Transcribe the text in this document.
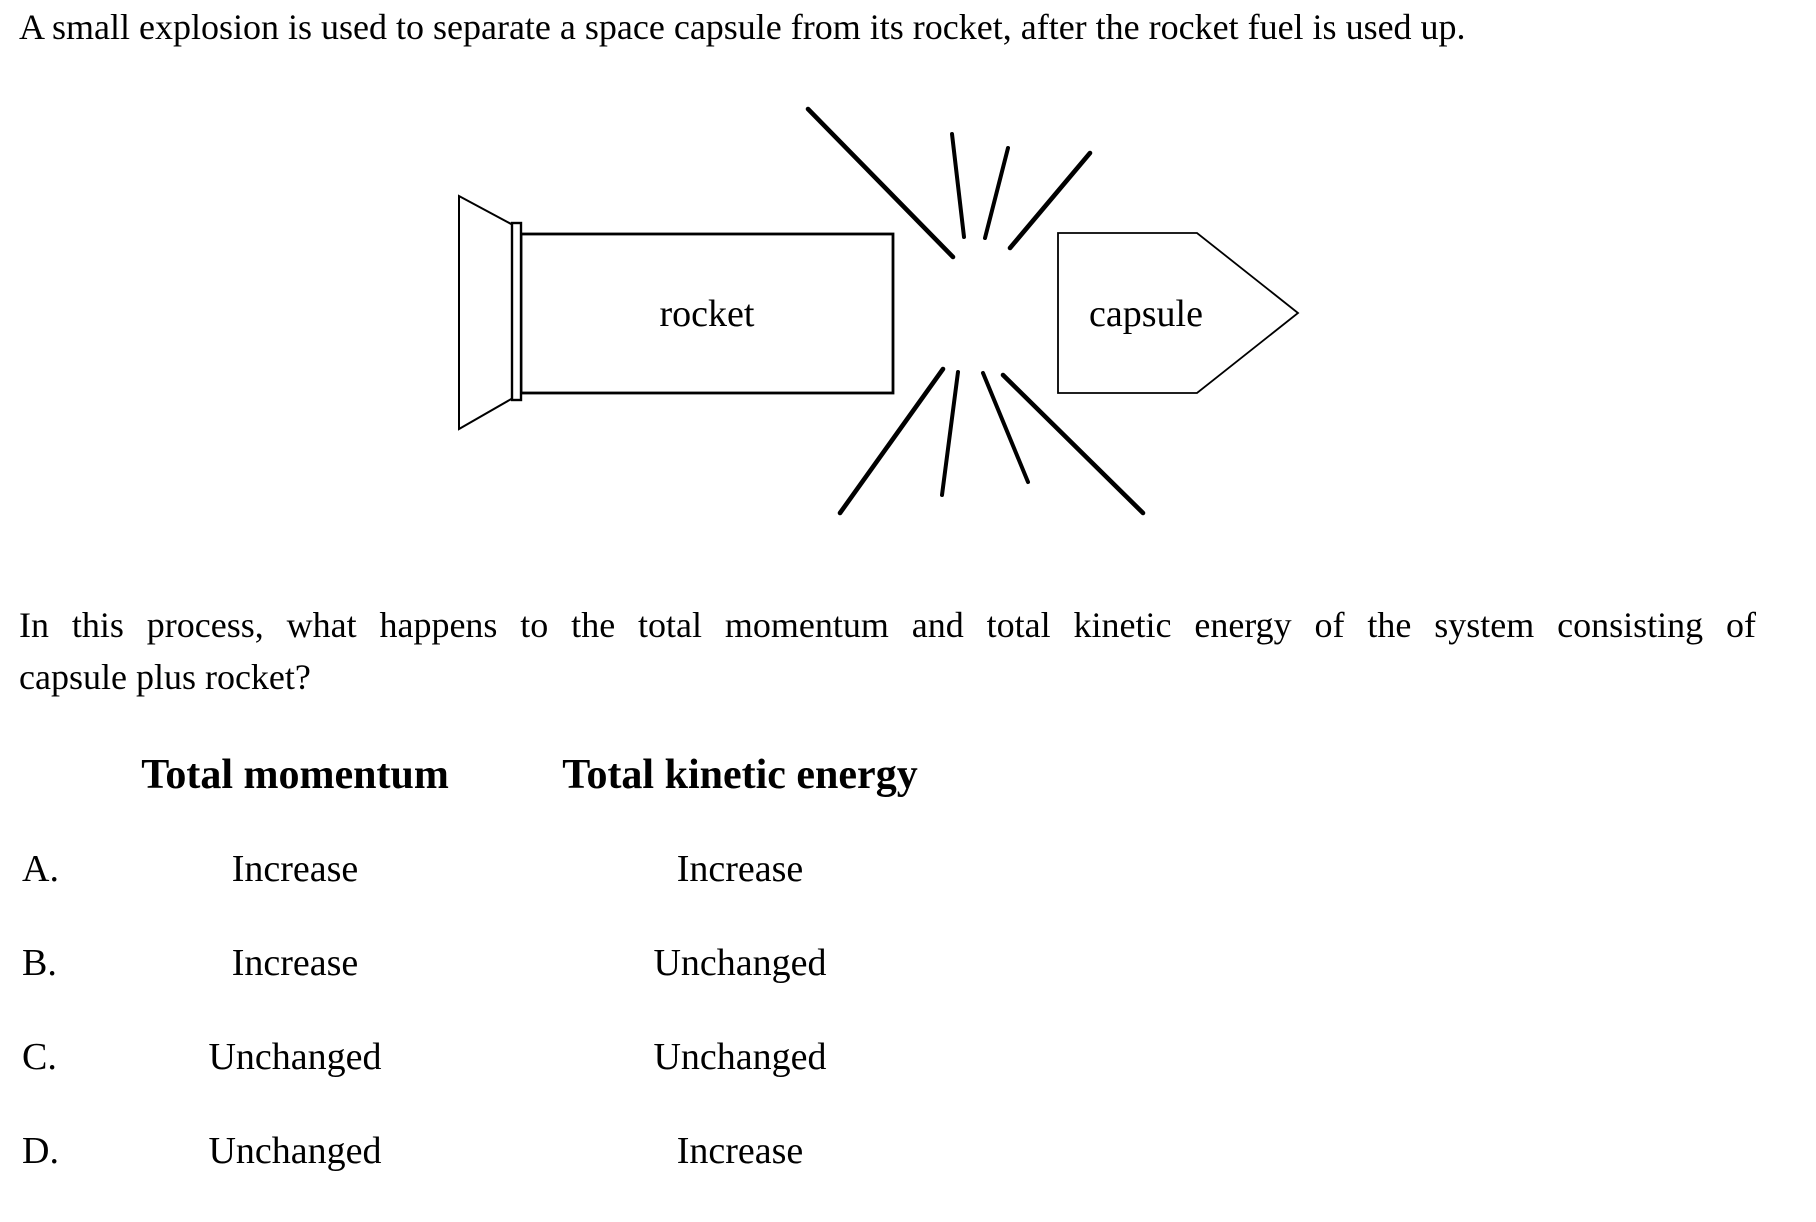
A small explosion is used to separate a space capsule from its rocket, after the rocket fuel is used up.
rocket	capsule
In this process, what happens to the total momentum and total kinetic energy of the system consisting of
capsule plus rocket?
Total momentum	Total kinetic energy
A.	Increase	Increase
B.	Increase	Unchanged
C.	Unchanged	Unchanged
D.	Unchanged	Increase
